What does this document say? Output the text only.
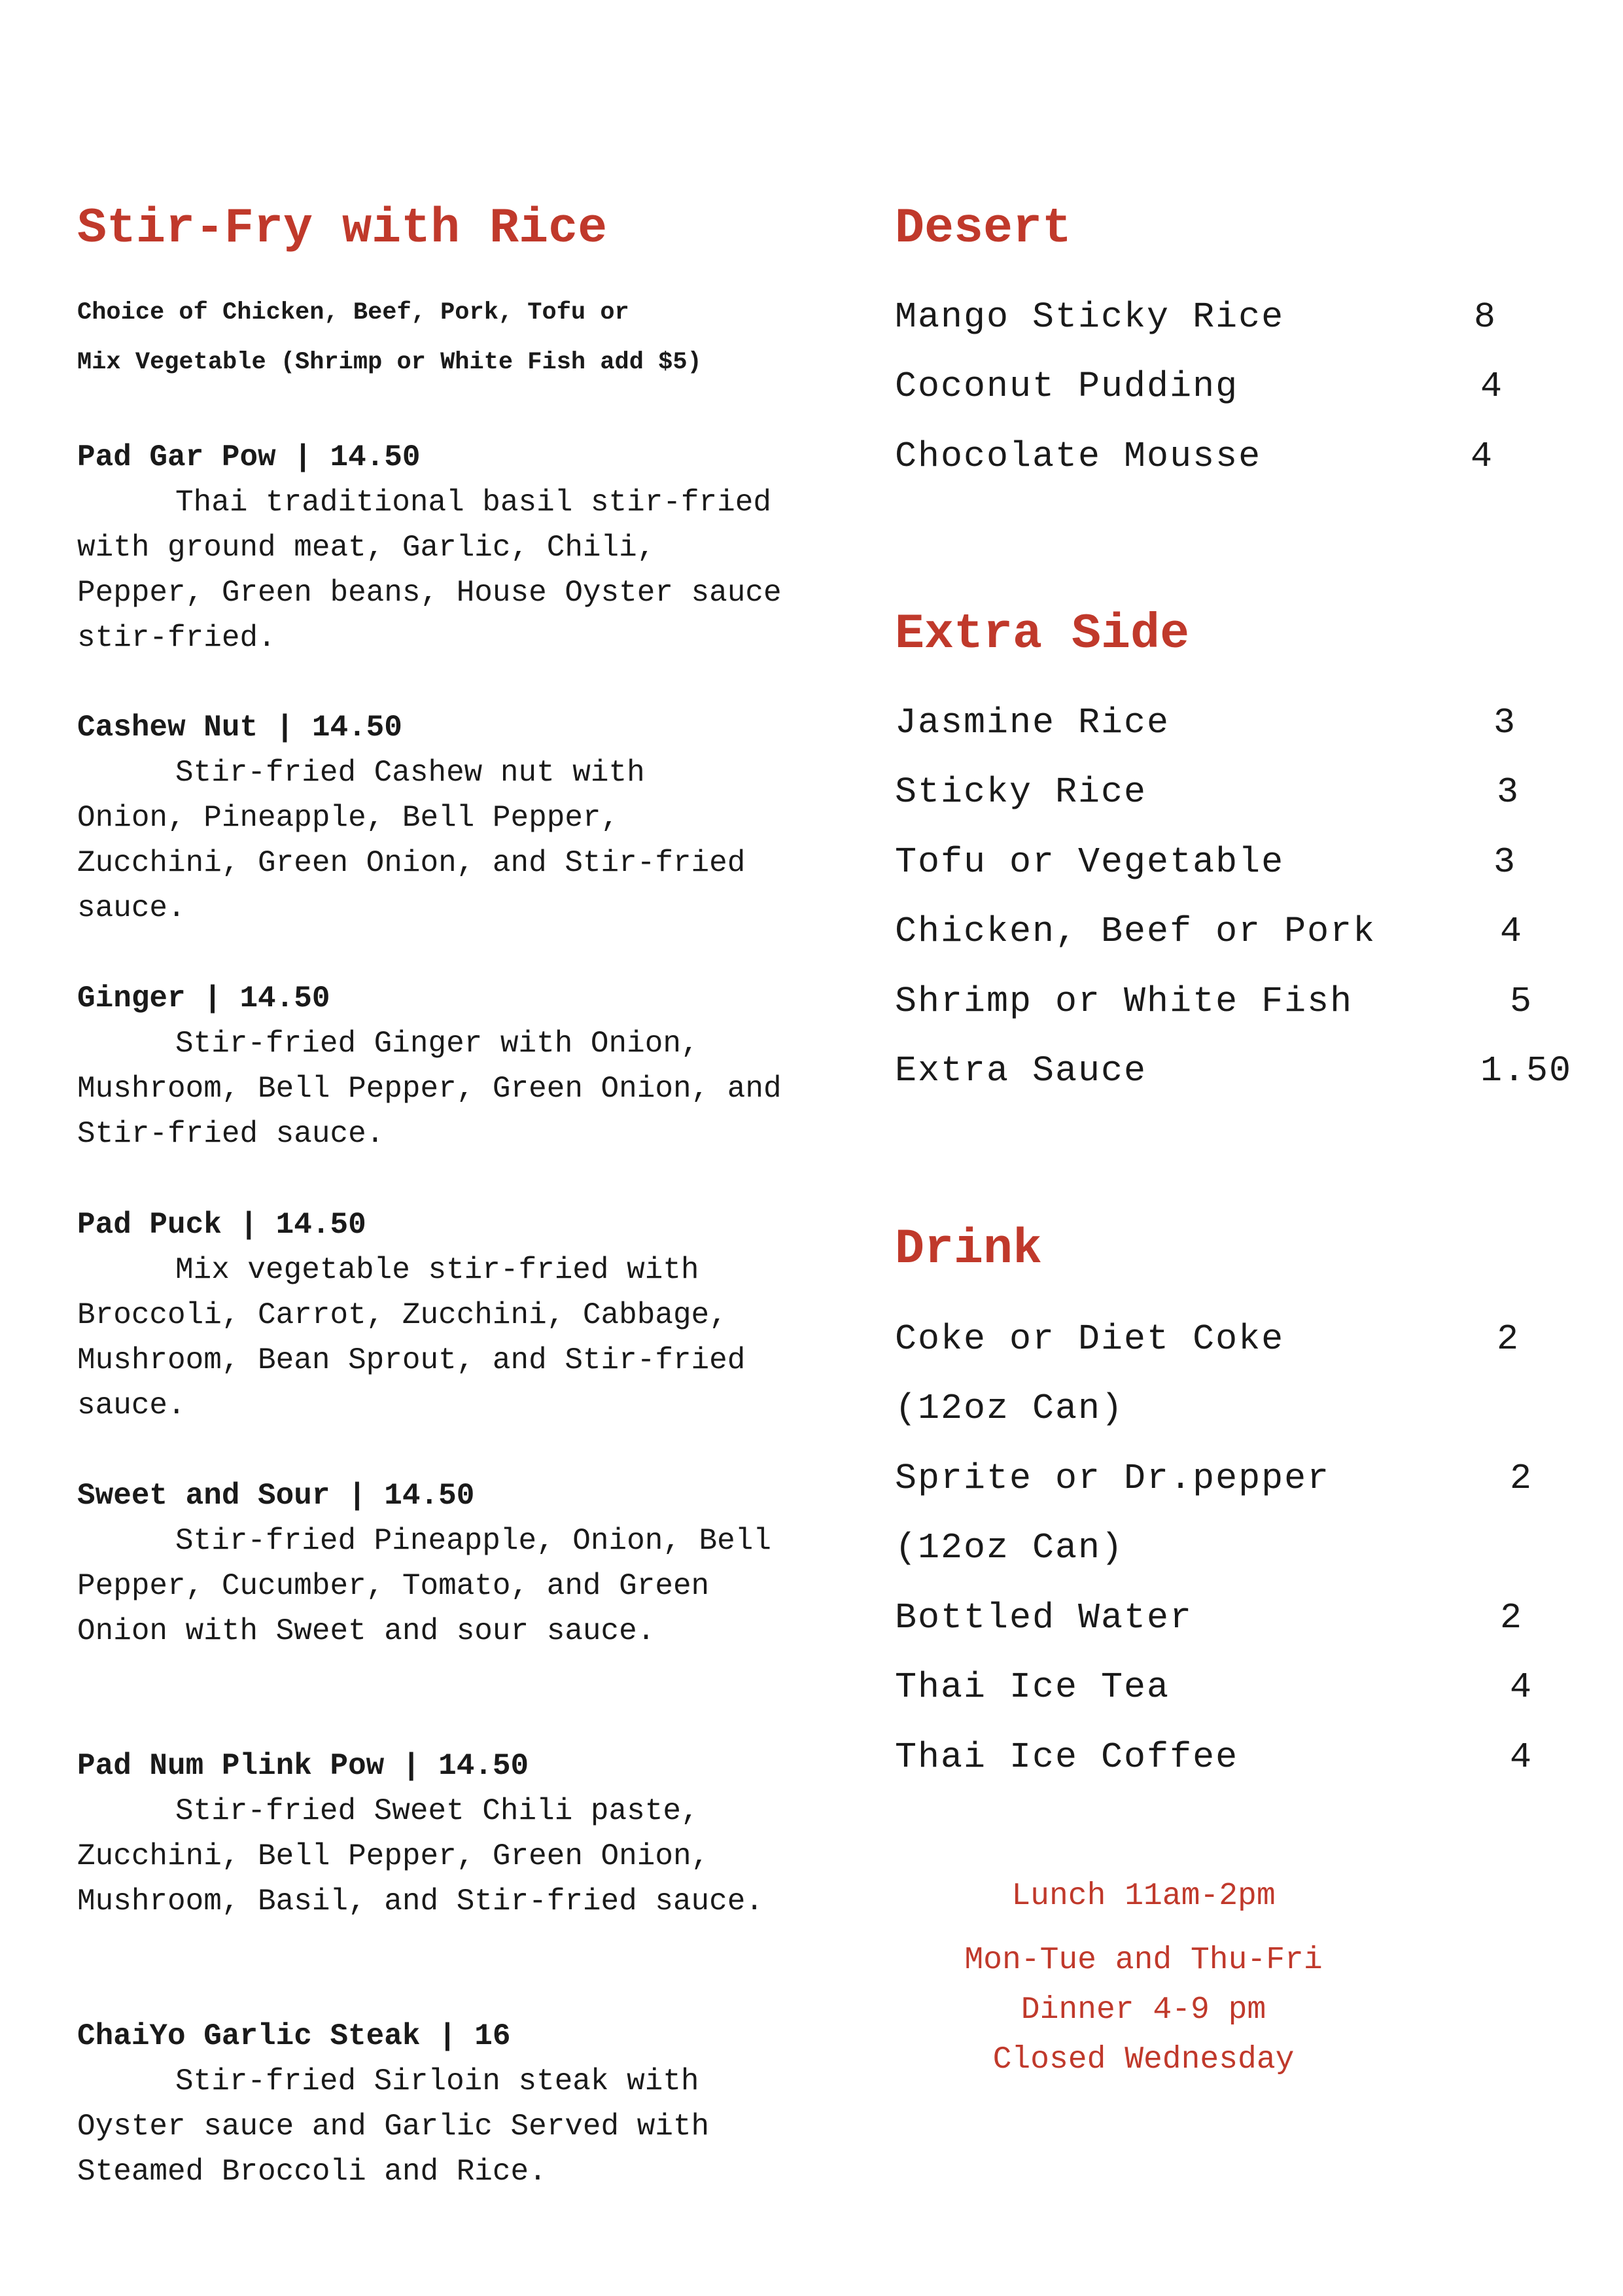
Stir-Fry with Rice
Choice of Chicken, Beef, Pork, Tofu or
Mix Vegetable (Shrimp or White Fish add $5)
Pad Gar Pow | 14.50

Thai traditional basil stir-fried with ground meat, Garlic, Chili, Pepper, Green beans, House Oyster sauce stir-fried.

Cashew Nut | 14.50

Stir-fried Cashew nut with Onion, Pineapple, Bell Pepper, Zucchini, Green Onion, and Stir-fried sauce.

Ginger | 14.50

Stir-fried Ginger with Onion, Mushroom, Bell Pepper, Green Onion, and Stir-fried sauce.

Pad Puck | 14.50

Mix vegetable stir-fried with Broccoli, Carrot, Zucchini, Cabbage, Mushroom, Bean Sprout, and Stir-fried sauce.

Sweet and Sour | 14.50

Stir-fried Pineapple, Onion, Bell Pepper, Cucumber, Tomato, and Green Onion with Sweet and sour sauce.

Pad Num Plink Pow | 14.50

Stir-fried Sweet Chili paste, Zucchini, Bell Pepper, Green Onion, Mushroom, Basil, and Stir-fried sauce.

ChaiYo Garlic Steak | 16

Stir-fried Sirloin steak with Oyster sauce and Garlic Served with Steamed Broccoli and Rice.

Desert
Mango Sticky Rice	8
Coconut Pudding	4
Chocolate Mousse	4
Extra Side
Jasmine Rice	3
Sticky Rice	3
Tofu or Vegetable	3
Chicken, Beef or Pork	4
Shrimp or White Fish	5
Extra Sauce	1.50
Drink
Coke or Diet Coke	2
(12oz Can)
Sprite or Dr.pepper	2
(12oz Can)
Bottled Water	2
Thai Ice Tea	4
Thai Ice Coffee	4
Lunch 11am-2pm
Mon-Tue and Thu-Fri
Dinner 4-9 pm
Closed Wednesday
